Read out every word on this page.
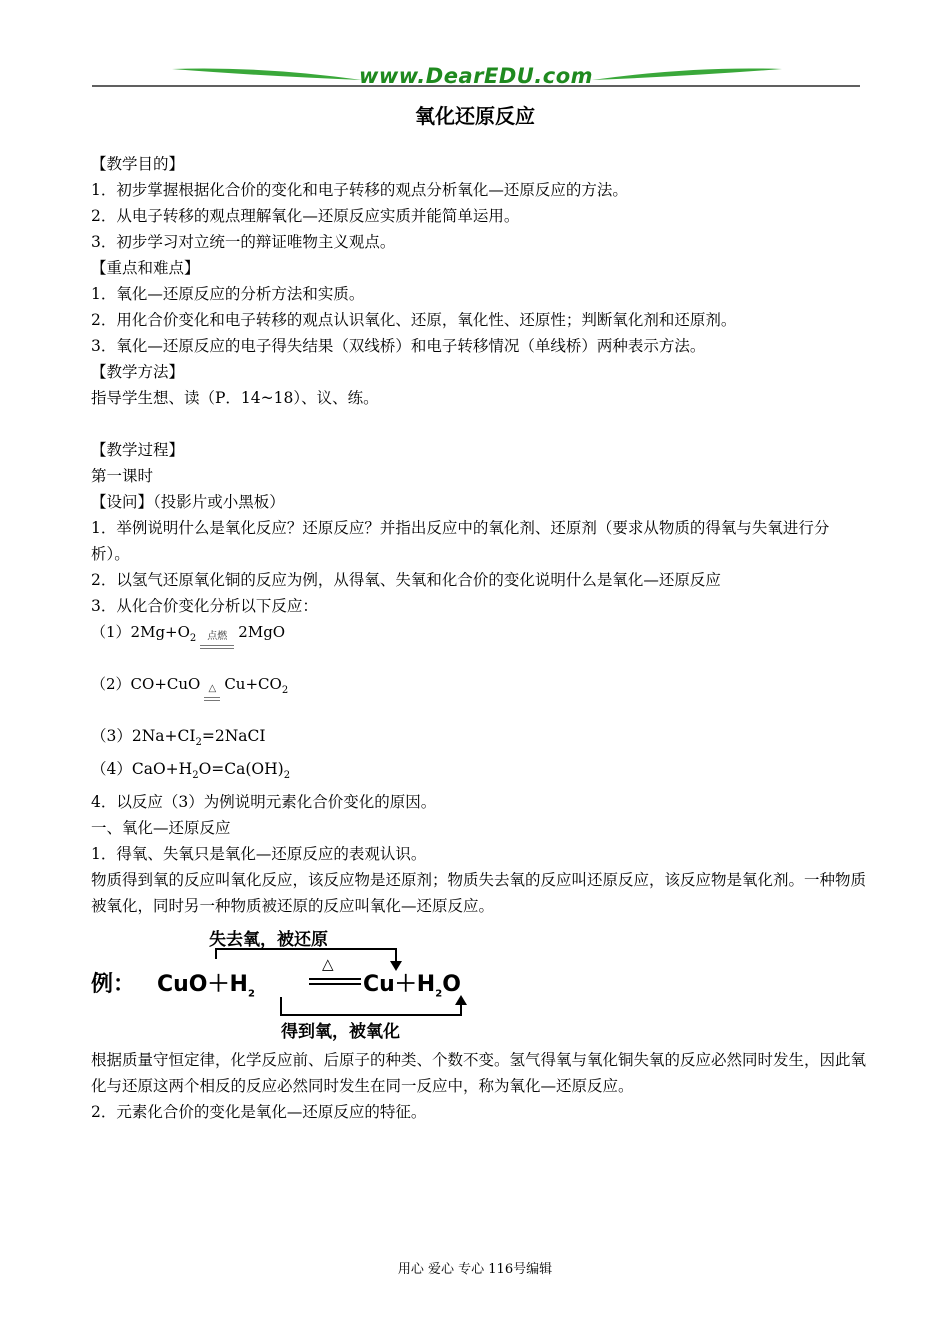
www.DearEDU.com
氧化还原反应
【教学目的】
1．初步掌握根据化合价的变化和电子转移的观点分析氧化—还原反应的方法。
2．从电子转移的观点理解氧化—还原反应实质并能简单运用。
3．初步学习对立统一的辩证唯物主义观点。
【重点和难点】
1．氧化—还原反应的分析方法和实质。
2．用化合价变化和电子转移的观点认识氧化、还原，氧化性、还原性；判断氧化剂和还原剂。
3．氧化—还原反应的电子得失结果（双线桥）和电子转移情况（单线桥）两种表示方法。
【教学方法】
指导学生想、读（P．14~18）、议、练。

【教学过程】
第一课时
【设问】（投影片或小黑板）
1．举例说明什么是氧化反应？还原反应？并指出反应中的氧化剂、还原剂（要求从物质的得氧与失氧进行分析）。
2．以氢气还原氧化铜的反应为例，从得氧、失氧和化合价的变化说明什么是氧化—还原反应
3．从化合价变化分析以下反应：
$(1)2Mg+O_2$	点燃 2MgO
（2）CO+CuO △ $Cu+CO_2$
$(3)2Na+CI_2=2NaCI$
$(4)CaO+H_2O=Ca(OH)_2$
4．以反应（3）为例说明元素化合价变化的原因。
一、氧化—还原反应
1．得氧、失氧只是氧化—还原反应的表观认识。
物质得到氧的反应叫氧化反应，该反应物是还原剂；物质失去氧的反应叫还原反应，该反应物是氧化剂。一种物质被氧化，同时另一种物质被还原的反应叫氧化—还原反应。
失去氧，被还原
例： $CuO+H_2$
△
$Cu+H_2O$
得到氧，被氧化
根据质量守恒定律，化学反应前、后原子的种类、个数不变。氢气得氧与氧化铜失氧的反应必然同时发生，因此氧化与还原这两个相反的反应必然同时发生在同一反应中，称为氧化—还原反应。
2．元素化合价的变化是氧化—还原反应的特征。
用心 爱心 专心 116号编辑
